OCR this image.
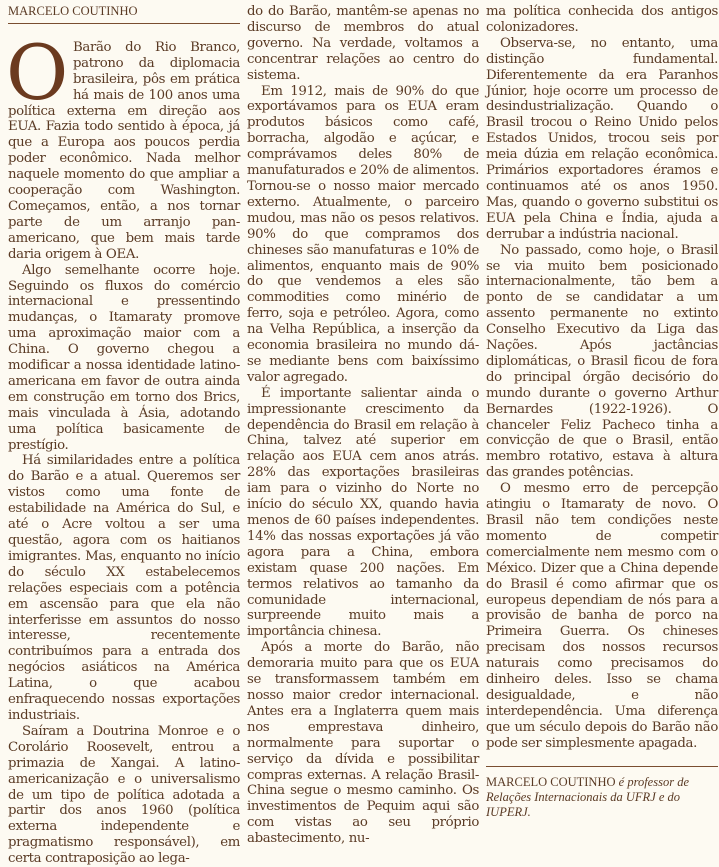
MARCELO COUTINHO

O Barão do Rio Branco, patrono da diplomacia brasileira, pôs em prática há mais de 100 anos uma política externa em direção aos EUA. Fazia todo sentido à época, já que a Europa aos poucos perdia poder econômico. Nada melhor naquele momento do que ampliar a cooperação com Washington. Começamos, então, a nos tornar parte de um arranjo pan-americano, que bem mais tarde daria origem à OEA.

Algo semelhante ocorre hoje. Seguindo os fluxos do comércio internacional e pressentindo mudanças, o Itamaraty promove uma aproximação maior com a China. O governo chegou a modificar a nossa identidade latino-americana em favor de outra ainda em construção em torno dos Brics, mais vinculada à Ásia, adotando uma política basicamente de prestígio.

Há similaridades entre a política do Barão e a atual. Queremos ser vistos como uma fonte de estabilidade na América do Sul, e até o Acre voltou a ser uma questão, agora com os haitianos imigrantes. Mas, enquanto no início do século XX estabelecemos relações especiais com a potência em ascensão para que ela não interferisse em assuntos do nosso interesse, recentemente contribuímos para a entrada dos negócios asiáticos na América Latina, o que acabou enfraquecendo nossas exportações industriais.

Saíram a Doutrina Monroe e o Corolário Roosevelt, entrou a primazia de Xangai. A latino-americanização e o universalismo de um tipo de política adotada a partir dos anos 1960 (política externa independente e pragmatismo responsável), em certa contraposição ao lega-

do do Barão, mantêm-se apenas no discurso de membros do atual governo. Na verdade, voltamos a concentrar relações ao centro do sistema.

Em 1912, mais de 90% do que exportávamos para os EUA eram produtos básicos como café, borracha, algodão e açúcar, e comprávamos deles 80% de manufaturados e 20% de alimentos. Tornou-se o nosso maior mercado externo. Atualmente, o parceiro mudou, mas não os pesos relativos. 90% do que compramos dos chineses são manufaturas e 10% de alimentos, enquanto mais de 90% do que vendemos a eles são commodities como minério de ferro, soja e petróleo. Agora, como na Velha República, a inserção da economia brasileira no mundo dá-se mediante bens com baixíssimo valor agregado.

É importante salientar ainda o impressionante crescimento da dependência do Brasil em relação à China, talvez até superior em relação aos EUA cem anos atrás. 28% das exportações brasileiras iam para o vizinho do Norte no início do século XX, quando havia menos de 60 países independentes. 14% das nossas exportações já vão agora para a China, embora existam quase 200 nações. Em termos relativos ao tamanho da comunidade internacional, surpreende muito mais a importância chinesa.

Após a morte do Barão, não demoraria muito para que os EUA se transformassem também em nosso maior credor internacional. Antes era a Inglaterra quem mais nos emprestava dinheiro, normalmente para suportar o serviço da dívida e possibilitar compras externas. A relação Brasil-China segue o mesmo caminho. Os investimentos de Pequim aqui são com vistas ao seu próprio abastecimento, nu-

ma política conhecida dos antigos colonizadores.

Observa-se, no entanto, uma distinção fundamental. Diferentemente da era Paranhos Júnior, hoje ocorre um processo de desindustrialização. Quando o Brasil trocou o Reino Unido pelos Estados Unidos, trocou seis por meia dúzia em relação econômica. Primários exportadores éramos e continuamos até os anos 1950. Mas, quando o governo substitui os EUA pela China e Índia, ajuda a derrubar a indústria nacional.

No passado, como hoje, o Brasil se via muito bem posicionado internacionalmente, tão bem a ponto de se candidatar a um assento permanente no extinto Conselho Executivo da Liga das Nações. Após jactâncias diplomáticas, o Brasil ficou de fora do principal órgão decisório do mundo durante o governo Arthur Bernardes (1922-1926). O chanceler Feliz Pacheco tinha a convicção de que o Brasil, então membro rotativo, estava à altura das grandes potências.

O mesmo erro de percepção atingiu o Itamaraty de novo. O Brasil não tem condições neste momento de competir comercialmente nem mesmo com o México. Dizer que a China depende do Brasil é como afirmar que os europeus dependiam de nós para a provisão de banha de porco na Primeira Guerra. Os chineses precisam dos nossos recursos naturais como precisamos do dinheiro deles. Isso se chama desigualdade, e não interdependência. Uma diferença que um século depois do Barão não pode ser simplesmente apagada.

MARCELO COUTINHO é professor de Relações Internacionais da UFRJ e do IUPERJ.
